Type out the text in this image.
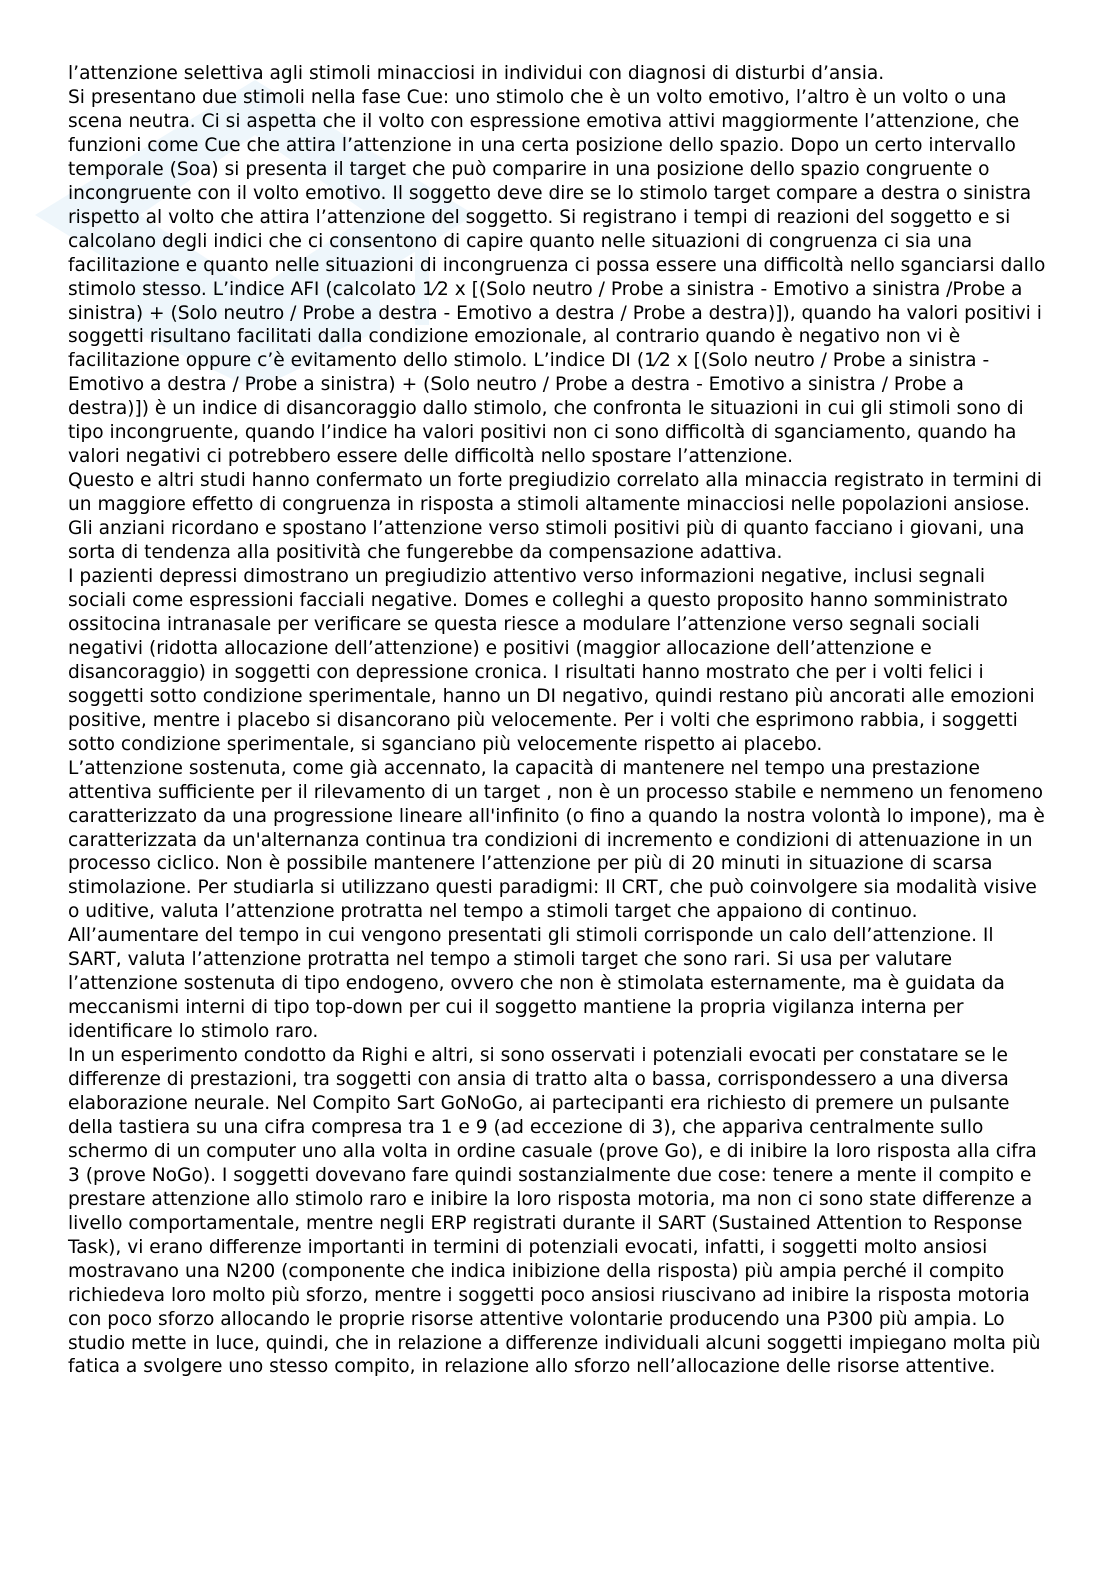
l’attenzione selettiva agli stimoli minacciosi in individui con diagnosi di disturbi d’ansia.

Si presentano due stimoli nella fase Cue: uno stimolo che è un volto emotivo, l’altro è un volto o una scena neutra. Ci si aspetta che il volto con espressione emotiva attivi maggiormente l’attenzione, che funzioni come Cue che attira l’attenzione in una certa posizione dello spazio. Dopo un certo intervallo temporale (Soa) si presenta il target che può comparire in una posizione dello spazio congruente o incongruente con il volto emotivo. Il soggetto deve dire se lo stimolo target compare a destra o sinistra rispetto al volto che attira l’attenzione del soggetto. Si registrano i tempi di reazioni del soggetto e si calcolano degli indici che ci consentono di capire quanto nelle situazioni di congruenza ci sia una facilitazione e quanto nelle situazioni di incongruenza ci possa essere una difficoltà nello sganciarsi dallo stimolo stesso. L’indice AFI (calcolato 1⁄2 x [(Solo neutro / Probe a sinistra - Emotivo a sinistra /Probe a sinistra) + (Solo neutro / Probe a destra - Emotivo a destra / Probe a destra)]), quando ha valori positivi i soggetti risultano facilitati dalla condizione emozionale, al contrario quando è negativo non vi è facilitazione oppure c’è evitamento dello stimolo. L’indice DI (1⁄2 x [(Solo neutro / Probe a sinistra - Emotivo a destra / Probe a sinistra) + (Solo neutro / Probe a destra - Emotivo a sinistra / Probe a destra)]) è un indice di disancoraggio dallo stimolo, che confronta le situazioni in cui gli stimoli sono di tipo incongruente, quando l’indice ha valori positivi non ci sono difficoltà di sganciamento, quando ha valori negativi ci potrebbero essere delle difficoltà nello spostare l’attenzione.

Questo e altri studi hanno confermato un forte pregiudizio correlato alla minaccia registrato in termini di un maggiore effetto di congruenza in risposta a stimoli altamente minacciosi nelle popolazioni ansiose. Gli anziani ricordano e spostano l’attenzione verso stimoli positivi più di quanto facciano i giovani, una sorta di tendenza alla positività che fungerebbe da compensazione adattiva.

I pazienti depressi dimostrano un pregiudizio attentivo verso informazioni negative, inclusi segnali sociali come espressioni facciali negative. Domes e colleghi a questo proposito hanno somministrato ossitocina intranasale per verificare se questa riesce a modulare l’attenzione verso segnali sociali negativi (ridotta allocazione dell’attenzione) e positivi (maggior allocazione dell’attenzione e disancoraggio) in soggetti con depressione cronica. I risultati hanno mostrato che per i volti felici i soggetti sotto condizione sperimentale, hanno un DI negativo, quindi restano più ancorati alle emozioni positive, mentre i placebo si disancorano più velocemente. Per i volti che esprimono rabbia, i soggetti sotto condizione sperimentale, si sganciano più velocemente rispetto ai placebo.

L’attenzione sostenuta, come già accennato, la capacità di mantenere nel tempo una prestazione attentiva sufficiente per il rilevamento di un target , non è un processo stabile e nemmeno un fenomeno caratterizzato da una progressione lineare all'infinito (o fino a quando la nostra volontà lo impone), ma è caratterizzata da un'alternanza continua tra condizioni di incremento e condizioni di attenuazione in un processo ciclico. Non è possibile mantenere l’attenzione per più di 20 minuti in situazione di scarsa stimolazione. Per studiarla si utilizzano questi paradigmi: Il CRT, che può coinvolgere sia modalità visive o uditive, valuta l’attenzione protratta nel tempo a stimoli target che appaiono di continuo. All’aumentare del tempo in cui vengono presentati gli stimoli corrisponde un calo dell’attenzione. Il SART, valuta l’attenzione protratta nel tempo a stimoli target che sono rari. Si usa per valutare l’attenzione sostenuta di tipo endogeno, ovvero che non è stimolata esternamente, ma è guidata da meccanismi interni di tipo top-down per cui il soggetto mantiene la propria vigilanza interna per identificare lo stimolo raro.

In un esperimento condotto da Righi e altri, si sono osservati i potenziali evocati per constatare se le differenze di prestazioni, tra soggetti con ansia di tratto alta o bassa, corrispondessero a una diversa elaborazione neurale. Nel Compito Sart GoNoGo, ai partecipanti era richiesto di premere un pulsante della tastiera su una cifra compresa tra 1 e 9 (ad eccezione di 3), che appariva centralmente sullo schermo di un computer uno alla volta in ordine casuale (prove Go), e di inibire la loro risposta alla cifra 3 (prove NoGo). I soggetti dovevano fare quindi sostanzialmente due cose: tenere a mente il compito e prestare attenzione allo stimolo raro e inibire la loro risposta motoria, ma non ci sono state differenze a livello comportamentale, mentre negli ERP registrati durante il SART (Sustained Attention to Response Task), vi erano differenze importanti in termini di potenziali evocati, infatti, i soggetti molto ansiosi mostravano una N200 (componente che indica inibizione della risposta) più ampia perché il compito richiedeva loro molto più sforzo, mentre i soggetti poco ansiosi riuscivano ad inibire la risposta motoria con poco sforzo allocando le proprie risorse attentive volontarie producendo una P300 più ampia. Lo studio mette in luce, quindi, che in relazione a differenze individuali alcuni soggetti impiegano molta più fatica a svolgere uno stesso compito, in relazione allo sforzo nell’allocazione delle risorse attentive.
